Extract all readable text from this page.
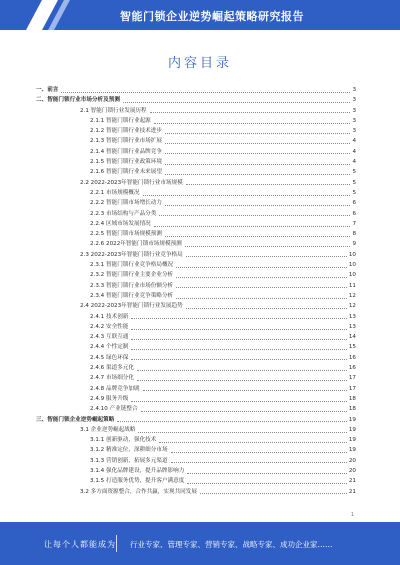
智能门锁企业逆势崛起策略研究报告
内容目录
一、前言	3
二、智能门锁行业市场分析及预测	3
2.1 智能门锁行业发展历程	3
2.1.1 智能门锁行业起源	3
2.1.2 智能门锁行业技术进步	3
2.1.3 智能门锁行业市场扩展	4
2.1.4 智能门锁行业品牌竞争	4
2.1.5 智能门锁行业政策环境	4
2.1.6 智能门锁行业未来展望	5
2.2 2022-2023年智能门锁行业市场规模	5
2.2.1 市场规模概况	5
2.2.2 智能门锁市场增长动力	6
2.2.3 市场结构与产品分类	6
2.2.4 区域市场发展情况	7
2.2.5 智能门锁市场规模预测	8
2.2.6 2022年智能门锁市场规模预测	9
2.3 2022-2023年智能门锁行业竞争格局	10
2.3.1 智能门锁行业竞争格局概况	10
2.3.2 智能门锁行业主要企业分析	10
2.3.3 智能门锁行业市场份额分析	11
2.3.4 智能门锁行业竞争策略分析	12
2.4 2022-2023年智能门锁行业发展趋势	12
2.4.1 技术创新	13
2.4.2 安全性能	13
2.4.3 互联互通	14
2.4.4 个性定制	15
2.4.5 绿色环保	16
2.4.6 渠道多元化	16
2.4.7 市场细分化	17
2.4.8 品牌竞争加剧	17
2.4.9 服务升级	18
2.4.10 产业链整合	18
三、智能门锁企业逆势崛起策略	19
3.1 企业逆势崛起战略	19
3.1.1 创新驱动，强化技术	19
3.1.2 精准定位，深耕细分市场	19
3.1.3 营销创新，拓展多元渠道	20
3.1.4 强化品牌建设，提升品牌影响力	20
3.1.5 打造服务优势，提升客户满意度	21
3.2 多方面资源整合，合作共赢，实现共同发展	21
1
让每个人都能成为 行业专家、管理专家、营销专家、战略专家、成功企业家……
